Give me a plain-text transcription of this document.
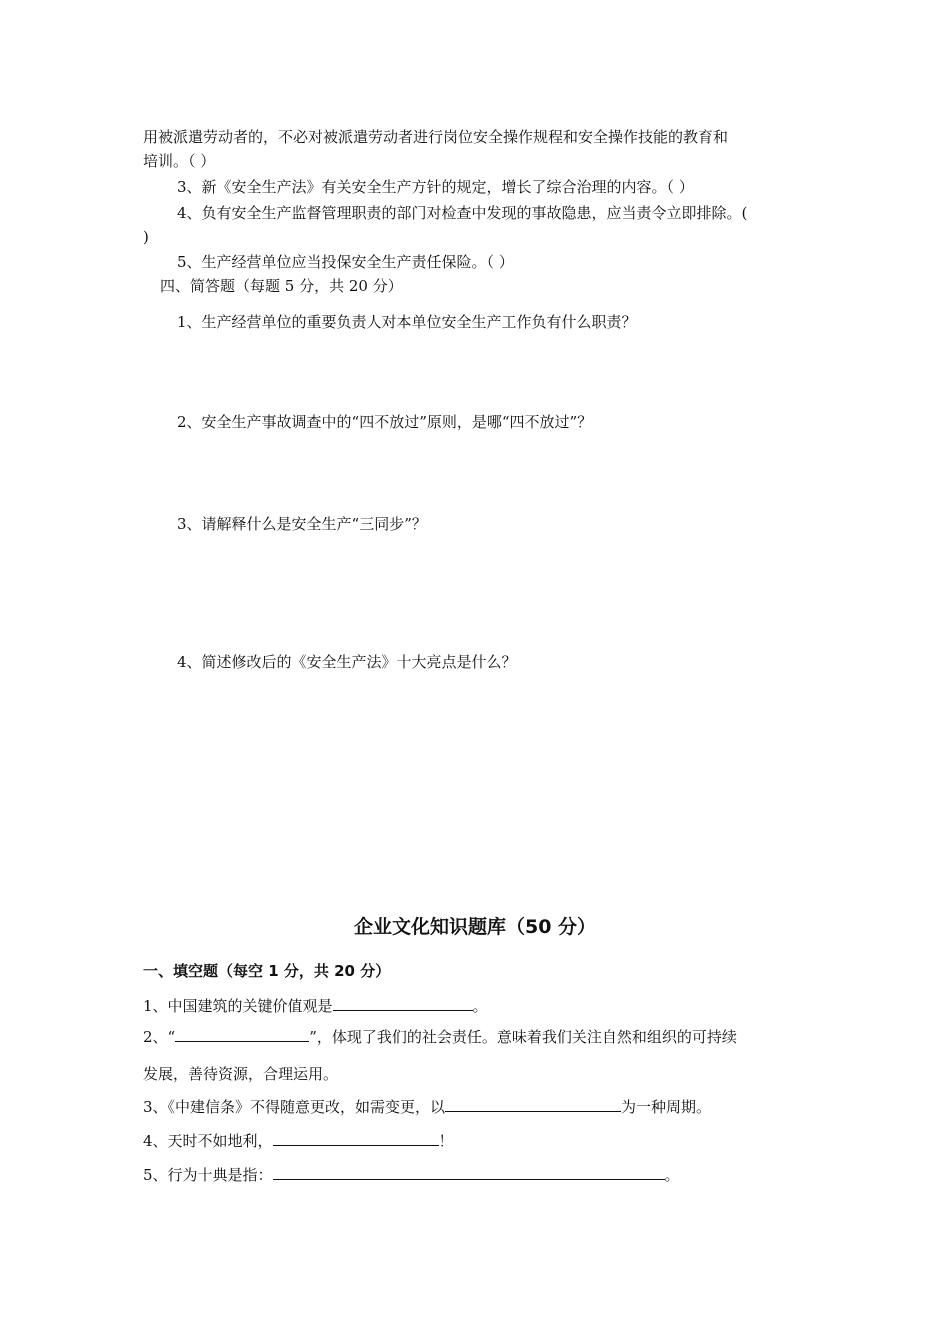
用被派遣劳动者的，不必对被派遣劳动者进行岗位安全操作规程和安全操作技能的教育和
培训。（ ）
3、新《安全生产法》有关安全生产方针的规定，增长了综合治理的内容。（ ）
4、负有安全生产监督管理职责的部门对检查中发现的事故隐患，应当责令立即排除。(
)
5、生产经营单位应当投保安全生产责任保险。（ ）
四、简答题（每题 5 分，共 20 分）
1、生产经营单位的重要负责人对本单位安全生产工作负有什么职责？
2、安全生产事故调查中的“四不放过”原则，是哪“四不放过”？
3、请解释什么是安全生产“三同步”？
4、简述修改后的《安全生产法》十大亮点是什么？
企业文化知识题库（50 分）
一、填空题（每空 1 分，共 20 分）
1、中国建筑的关键价值观是	。
2、“	”，体现了我们的社会责任。意味着我们关注自然和组织的可持续
发展，善待资源，合理运用。
3、《中建信条》不得随意更改，如需变更，以	为一种周期。
4、天时不如地利，	！
5、行为十典是指：	。
